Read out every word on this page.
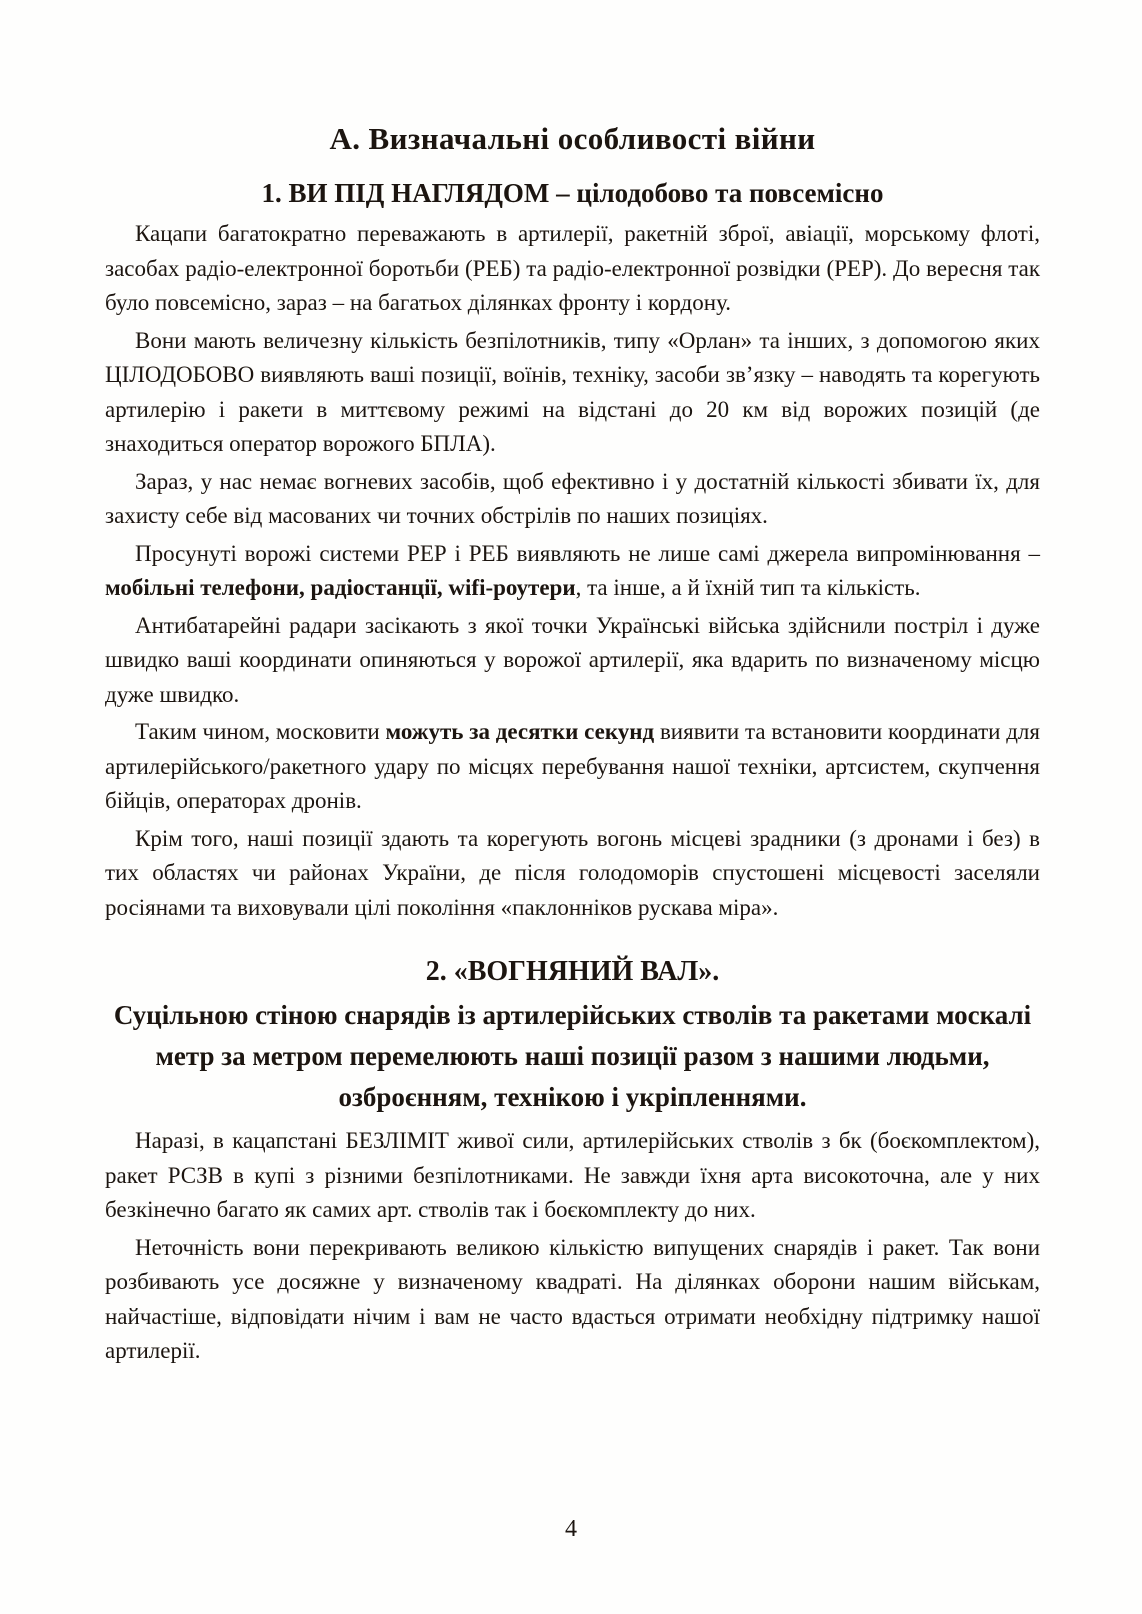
А. Визначальні особливості війни
1. ВИ ПІД НАГЛЯДОМ – цілодобово та повсемісно

Кацапи багатократно переважають в артилерії, ракетній зброї, авіації, морському флоті, засобах радіо-електронної боротьби (РЕБ) та радіо-електронної розвідки (РЕР). До вересня так було повсемісно, зараз – на багатьох ділянках фронту і кордону.

Вони мають величезну кількість безпілотників, типу «Орлан» та інших, з допомогою яких ЦІЛОДОБОВО виявляють ваші позиції, воїнів, техніку, засоби зв’язку – наводять та корегують артилерію і ракети в миттєвому режимі на відстані до 20 км від ворожих позицій (де знаходиться оператор ворожого БПЛА).

Зараз, у нас немає вогневих засобів, щоб ефективно і у достатній кількості збивати їх, для захисту себе від масованих чи точних обстрілів по наших позиціях.

Просунуті ворожі системи РЕР і РЕБ виявляють не лише самі джерела випромінювання – мобільні телефони, радіостанції, wifi-роутери, та інше, а й їхній тип та кількість.

Антибатарейні радари засікають з якої точки Українські війська здійснили постріл і дуже швидко ваші координати опиняються у ворожої артилерії, яка вдарить по визначеному місцю дуже швидко.

Таким чином, московити можуть за десятки секунд виявити та встановити координати для артилерійського/ракетного удару по місцях перебування нашої техніки, артсистем, скупчення бійців, операторах дронів.

Крім того, наші позиції здають та корегують вогонь місцеві зрадники (з дронами і без) в тих областях чи районах України, де після голодоморів спустошені місцевості заселяли росіянами та виховували цілі покоління «паклонніков рускава міра».

2. «ВОГНЯНИЙ ВАЛ».

Суцільною стіною снарядів із артилерійських стволів та ракетами москалі метр за метром перемелюють наші позиції разом з нашими людьми, озброєнням, технікою і укріпленнями.

Наразі, в кацапстані БЕЗЛІМІТ живої сили, артилерійських стволів з бк (боєкомплектом), ракет РСЗВ в купі з різними безпілотниками. Не завжди їхня арта високоточна, але у них безкінечно багато як самих арт. стволів так і боєкомплекту до них.

Неточність вони перекривають великою кількістю випущених снарядів і ракет. Так вони розбивають усе досяжне у визначеному квадраті. На ділянках оборони нашим військам, найчастіше, відповідати нічим і вам не часто вдасться отримати необхідну підтримку нашої артилерії.

4
